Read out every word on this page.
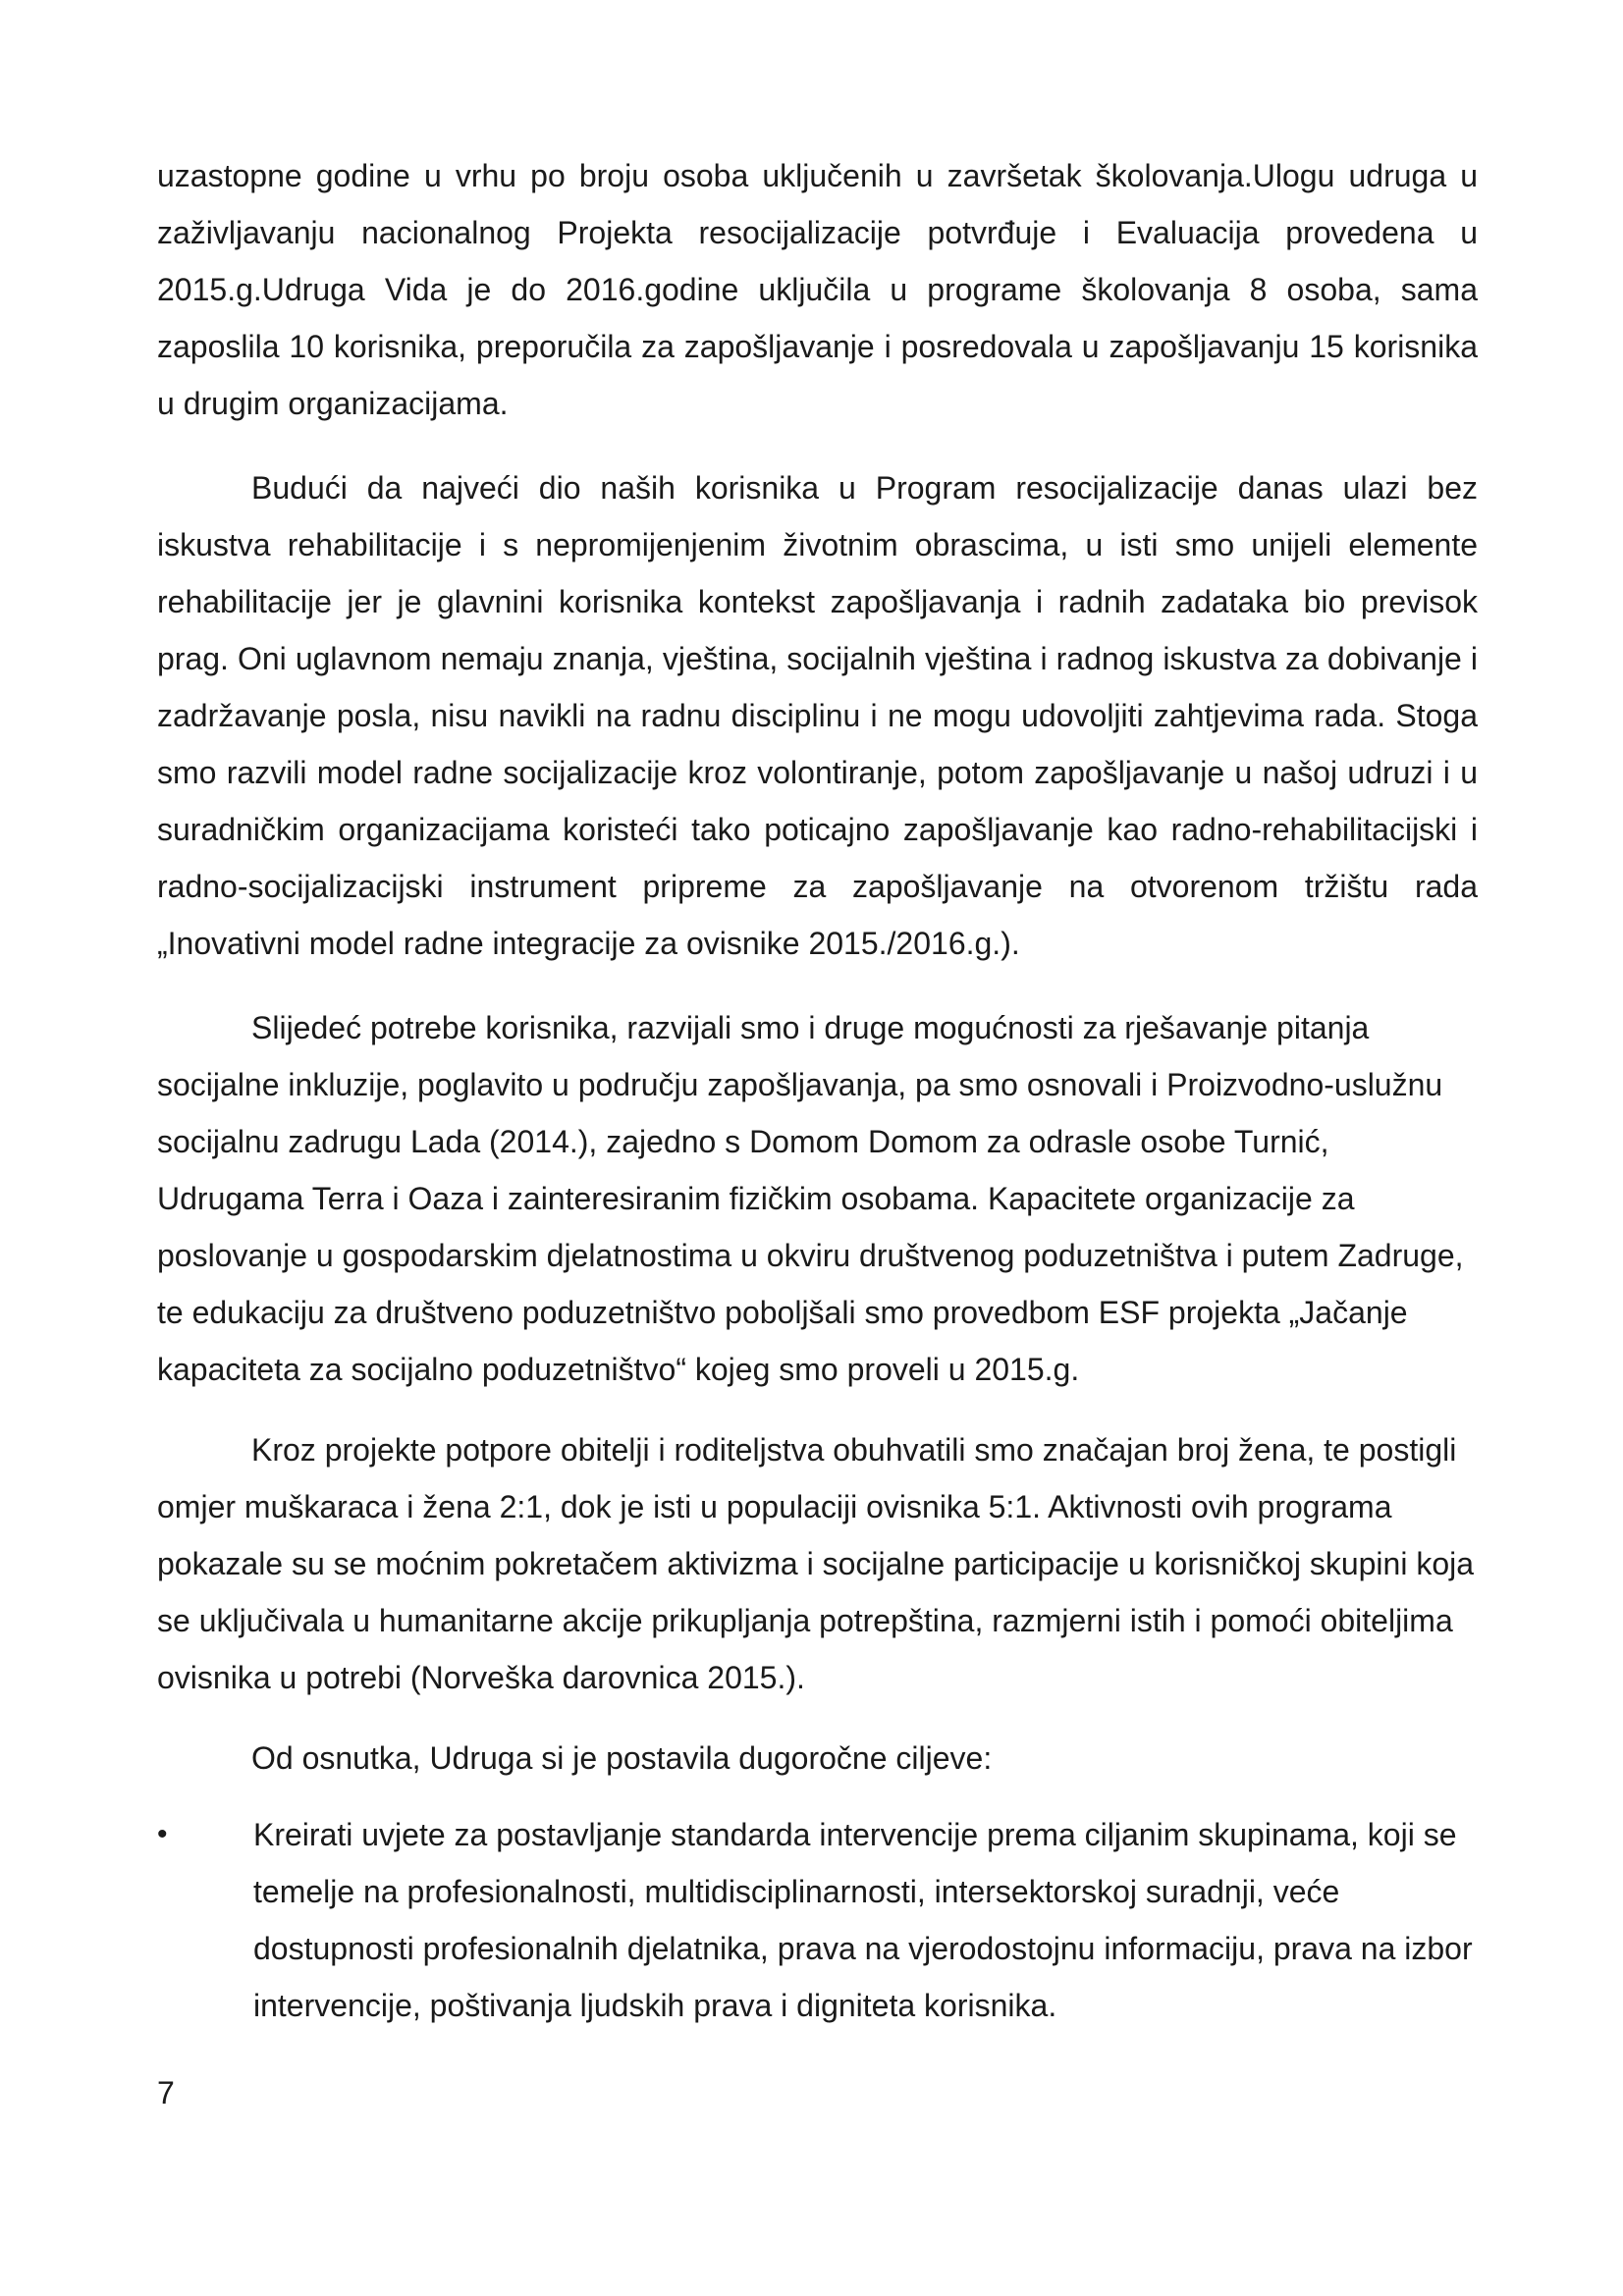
uzastopne godine u vrhu po broju osoba uključenih u završetak školovanja.Ulogu udruga u zaživljavanju nacionalnog Projekta resocijalizacije potvrđuje i Evaluacija provedena u 2015.g.Udruga Vida je do 2016.godine uključila u programe školovanja 8 osoba, sama zaposlila 10 korisnika, preporučila za zapošljavanje i posredovala u zapošljavanju 15 korisnika u drugim organizacijama.

Budući da najveći dio naših korisnika u Program resocijalizacije danas ulazi bez iskustva rehabilitacije i s nepromijenjenim životnim obrascima, u isti smo unijeli elemente rehabilitacije jer je glavnini korisnika kontekst zapošljavanja i radnih zadataka bio previsok prag. Oni uglavnom nemaju znanja, vještina, socijalnih vještina i radnog iskustva za dobivanje i zadržavanje posla, nisu navikli na radnu disciplinu i ne mogu udovoljiti zahtjevima rada. Stoga smo razvili model radne socijalizacije kroz volontiranje, potom zapošljavanje u našoj udruzi i u suradničkim organizacijama koristeći tako poticajno zapošljavanje kao radno-rehabilitacijski i radno-socijalizacijski instrument pripreme za zapošljavanje na otvorenom tržištu rada „Inovativni model radne integracije za ovisnike 2015./2016.g.).

Slijedeć potrebe korisnika, razvijali smo i druge mogućnosti za rješavanje pitanja socijalne inkluzije, poglavito u području zapošljavanja, pa smo osnovali i Proizvodno-uslužnu socijalnu zadrugu Lada (2014.), zajedno s Domom Domom za odrasle osobe Turnić, Udrugama Terra i Oaza i zainteresiranim fizičkim osobama. Kapacitete organizacije za poslovanje u gospodarskim djelatnostima u okviru društvenog poduzetništva i putem Zadruge, te edukaciju za društveno poduzetništvo poboljšali smo provedbom ESF projekta „Jačanje kapaciteta za socijalno poduzetništvo“ kojeg smo proveli u 2015.g.

Kroz projekte potpore obitelji i roditeljstva obuhvatili smo značajan broj žena, te postigli omjer muškaraca i žena 2:1, dok je isti u populaciji ovisnika 5:1. Aktivnosti ovih programa pokazale su se moćnim pokretačem aktivizma i socijalne participacije u korisničkoj skupini koja se uključivala u humanitarne akcije prikupljanja potrepština, razmjerni istih i pomoći obiteljima ovisnika u potrebi (Norveška darovnica 2015.).

Od osnutka, Udruga si je postavila dugoročne ciljeve:

•	Kreirati uvjete za postavljanje standarda intervencije prema ciljanim skupinama, koji se temelje na profesionalnosti, multidisciplinarnosti, intersektorskoj suradnji, veće dostupnosti profesionalnih djelatnika, prava na vjerodostojnu informaciju, prava na izbor intervencije, poštivanja ljudskih prava i digniteta korisnika.
7
